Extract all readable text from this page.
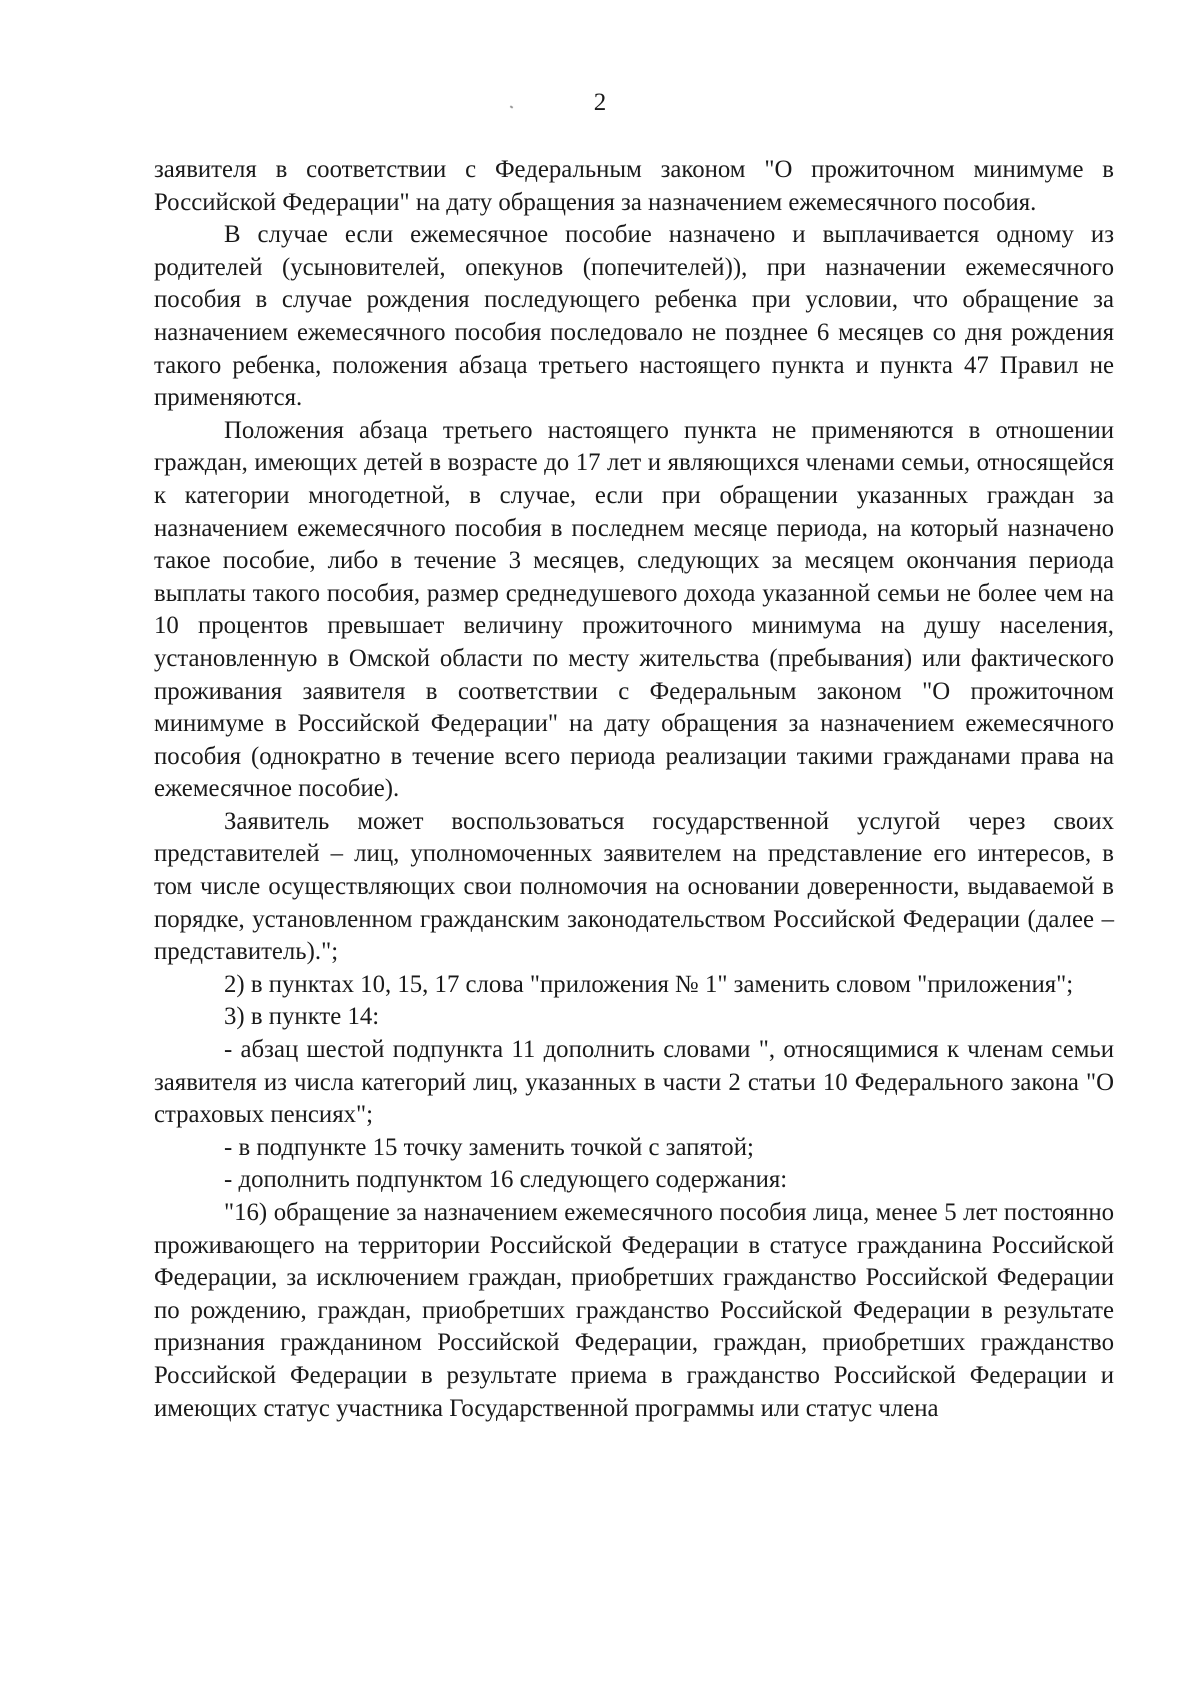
2

заявителя в соответствии с Федеральным законом "О прожиточном минимуме в Российской Федерации" на дату обращения за назначением ежемесячного пособия.

В случае если ежемесячное пособие назначено и выплачивается одному из родителей (усыновителей, опекунов (попечителей)), при назначении ежемесячного пособия в случае рождения последующего ребенка при условии, что обращение за назначением ежемесячного пособия последовало не позднее 6 месяцев со дня рождения такого ребенка, положения абзаца третьего настоящего пункта и пункта 47 Правил не применяются.

Положения абзаца третьего настоящего пункта не применяются в отношении граждан, имеющих детей в возрасте до 17 лет и являющихся членами семьи, относящейся к категории многодетной, в случае, если при обращении указанных граждан за назначением ежемесячного пособия в последнем месяце периода, на который назначено такое пособие, либо в течение 3 месяцев, следующих за месяцем окончания периода выплаты такого пособия, размер среднедушевого дохода указанной семьи не более чем на 10 процентов превышает величину прожиточного минимума на душу населения, установленную в Омской области по месту жительства (пребывания) или фактического проживания заявителя в соответствии с Федеральным законом "О прожиточном минимуме в Российской Федерации" на дату обращения за назначением ежемесячного пособия (однократно в течение всего периода реализации такими гражданами права на ежемесячное пособие).

Заявитель может воспользоваться государственной услугой через своих представителей – лиц, уполномоченных заявителем на представление его интересов, в том числе осуществляющих свои полномочия на основании доверенности, выдаваемой в порядке, установленном гражданским законодательством Российской Федерации (далее – представитель).";

2) в пунктах 10, 15, 17 слова "приложения № 1" заменить словом "приложения";

3) в пункте 14:

- абзац шестой подпункта 11 дополнить словами ", относящимися к членам семьи заявителя из числа категорий лиц, указанных в части 2 статьи 10 Федерального закона "О страховых пенсиях";

- в подпункте 15 точку заменить точкой с запятой;

- дополнить подпунктом 16 следующего содержания:

"16) обращение за назначением ежемесячного пособия лица, менее 5 лет постоянно проживающего на территории Российской Федерации в статусе гражданина Российской Федерации, за исключением граждан, приобретших гражданство Российской Федерации по рождению, граждан, приобретших гражданство Российской Федерации в результате признания гражданином Российской Федерации, граждан, приобретших гражданство Российской Федерации в результате приема в гражданство Российской Федерации и имеющих статус участника Государственной программы или статус члена
